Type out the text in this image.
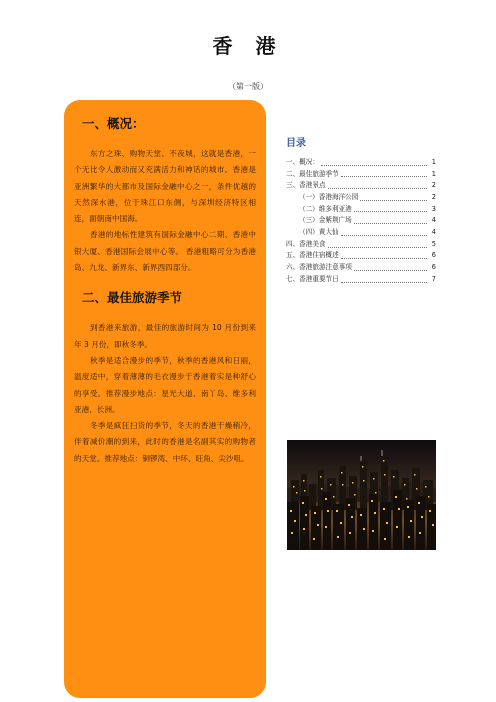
香 港
（第一版）
一、概况：

东方之珠、购物天堂、不夜城，这就是香港，一个无比令人激动而又充满活力和神话的城市。香港是亚洲繁华的大都市及国际金融中心之一，条件优越的天然深水港，位于珠江口东侧，与深圳经济特区相连，面朝南中国海。

香港的地标性建筑有国际金融中心二期、香港中银大厦、香港国际会展中心等。 香港粗略可分为香港岛、九龙、新界东、新界西四部分。

二、最佳旅游季节

到香港来旅游，最佳的旅游时间为 10 月份到来年 3 月份，即秋冬季。

秋季是适合漫步的季节，秋季的香港风和日丽，温度适中，穿着薄薄的毛衣漫步于香港着实是种舒心的享受。推荐漫步地点：星光大道、南丫岛、维多利亚港、长洲。

冬季是疯狂扫货的季节，冬天的香港干燥稍冷，伴着减价潮的到来，此时的香港是名副其实的购物者的天堂。推荐地点：铜锣湾、中环、旺角、尖沙咀。

目录
一、概况：	1
二、最佳旅游季节	1
三、香港景点	2
（一）香港海洋公园	2
（二）维多利亚港	3
（三）金紫荆广场	4
（四）黄大仙	4
四、香港美食	5
五、香港住宿概述	6
六、香港旅游注意事项	6
七、香港重要节日	7
